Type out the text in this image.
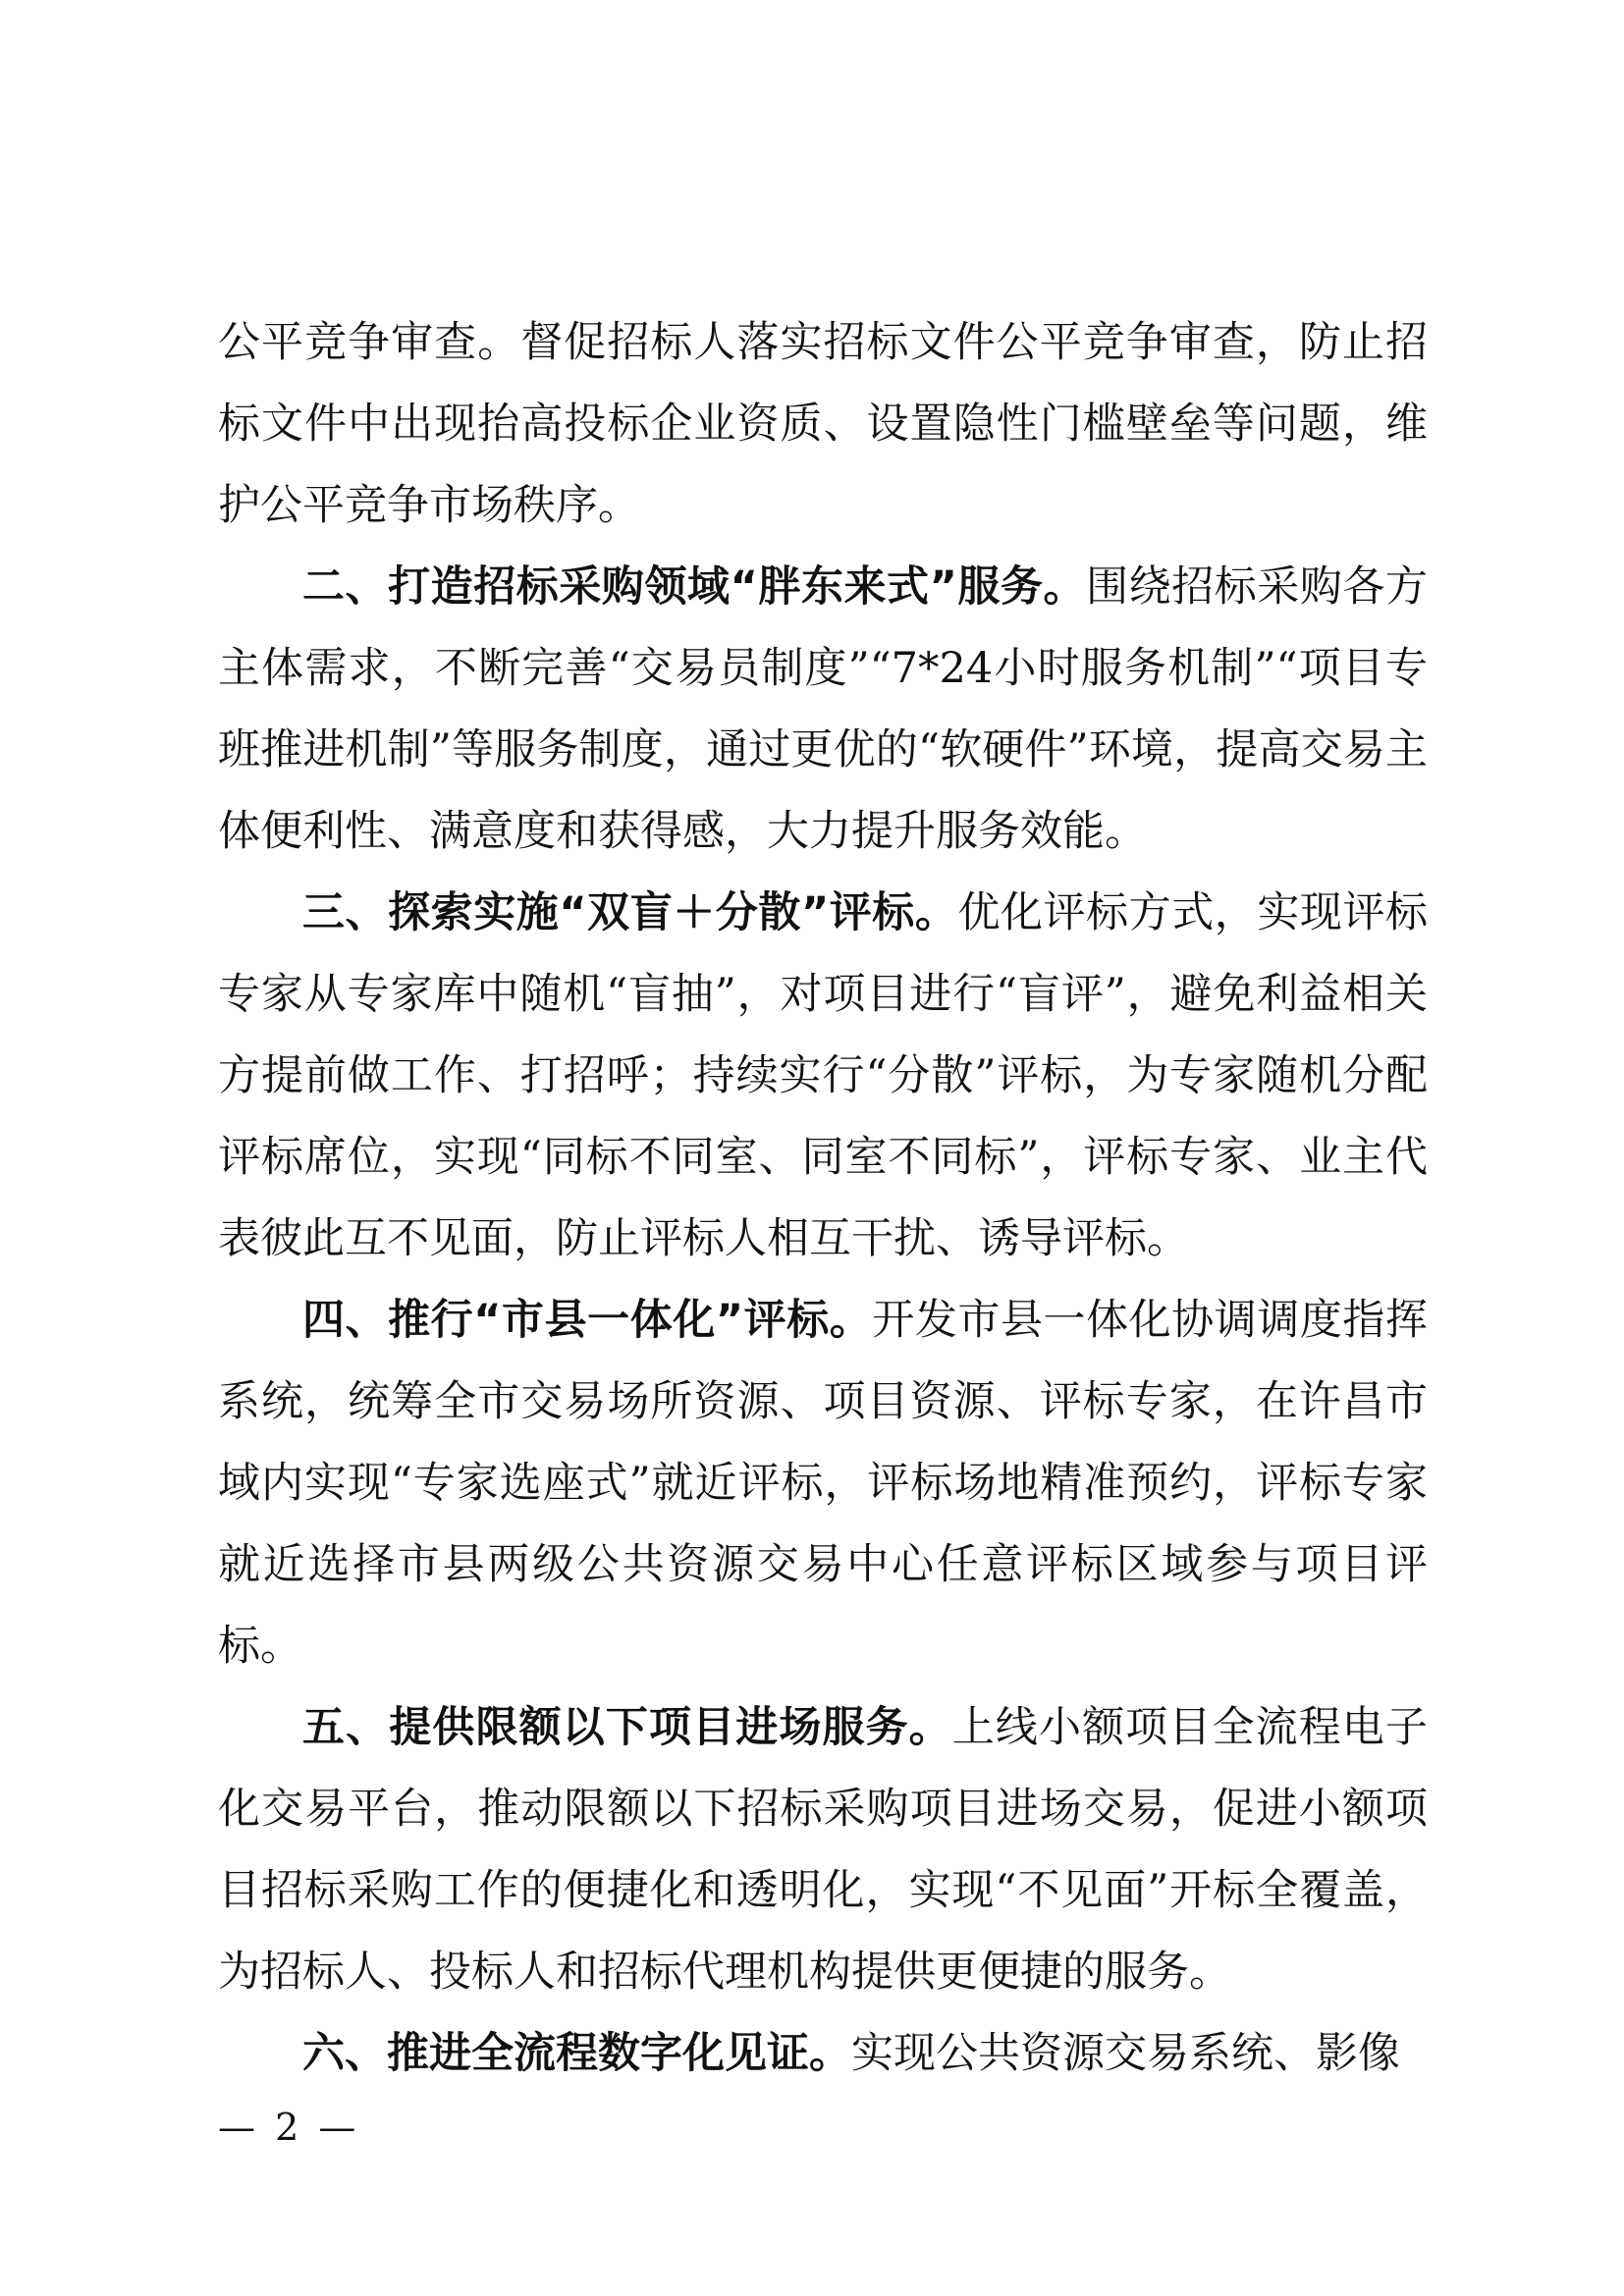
公平竞争审查。督促招标人落实招标文件公平竞争审查，防止招标文件中出现抬高投标企业资质、设置隐性门槛壁垒等问题，维护公平竞争市场秩序。

二、打造招标采购领域“胖东来式”服务。围绕招标采购各方主体需求，不断完善“交易员制度”“7*24小时服务机制”“项目专班推进机制”等服务制度，通过更优的“软硬件”环境，提高交易主体便利性、满意度和获得感，大力提升服务效能。

三、探索实施“双盲＋分散”评标。优化评标方式，实现评标专家从专家库中随机“盲抽”，对项目进行“盲评”，避免利益相关方提前做工作、打招呼；持续实行“分散”评标，为专家随机分配评标席位，实现“同标不同室、同室不同标”，评标专家、业主代表彼此互不见面，防止评标人相互干扰、诱导评标。

四、推行“市县一体化”评标。开发市县一体化协调调度指挥系统，统筹全市交易场所资源、项目资源、评标专家，在许昌市域内实现“专家选座式”就近评标，评标场地精准预约，评标专家就近选择市县两级公共资源交易中心任意评标区域参与项目评标。

五、提供限额以下项目进场服务。上线小额项目全流程电子化交易平台，推动限额以下招标采购项目进场交易，促进小额项目招标采购工作的便捷化和透明化，实现“不见面”开标全覆盖，为招标人、投标人和招标代理机构提供更便捷的服务。

六、推进全流程数字化见证。实现公共资源交易系统、影像

— 2 —
